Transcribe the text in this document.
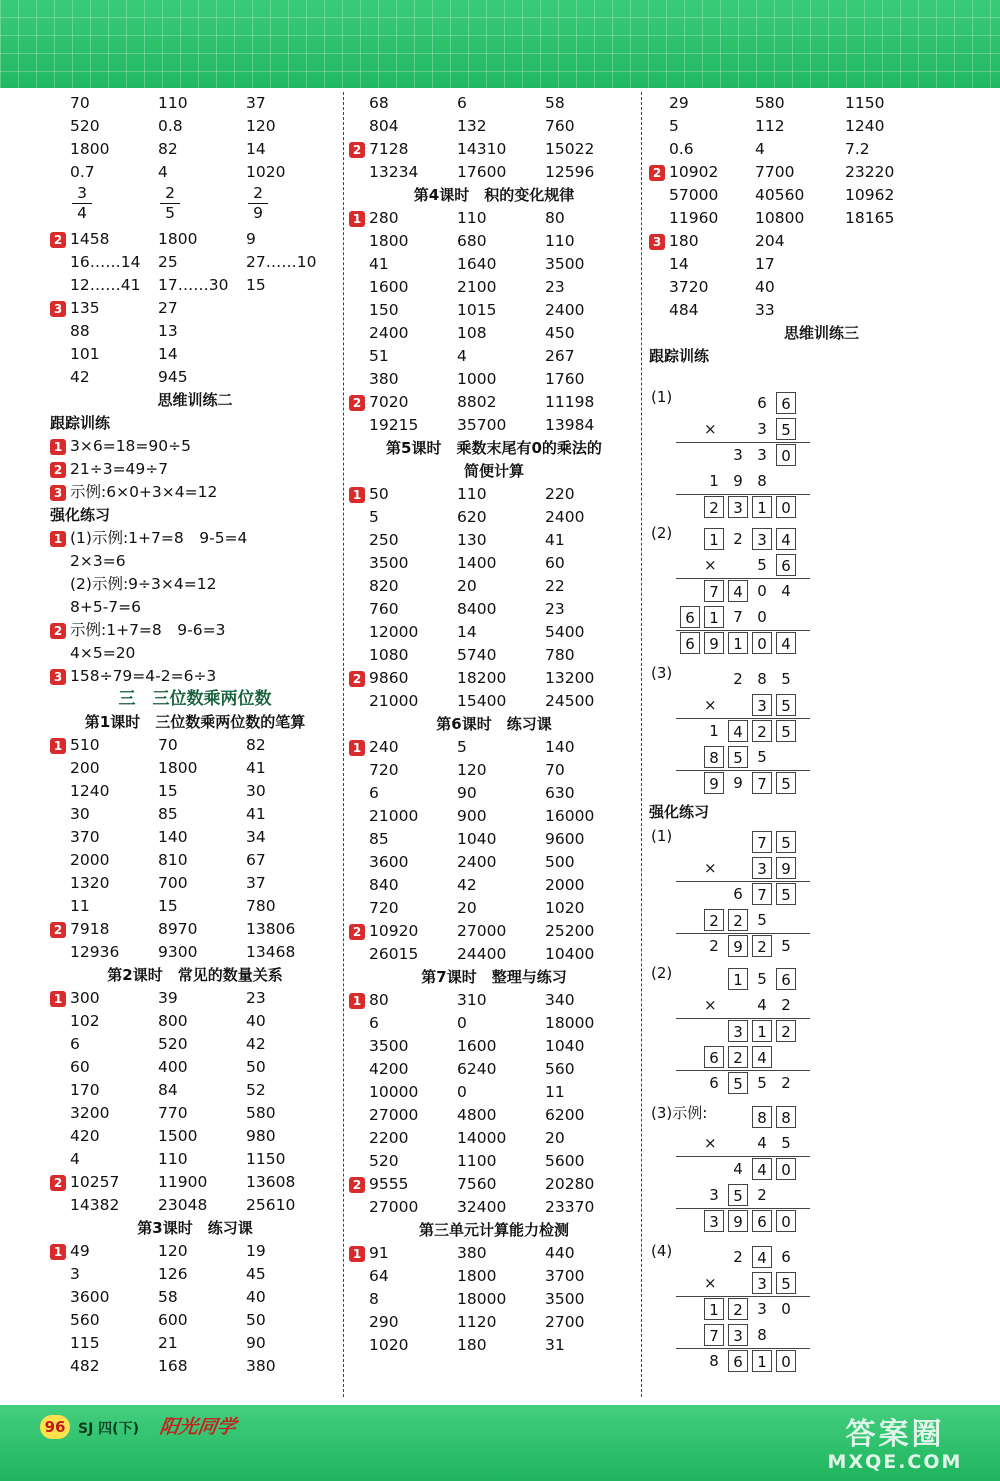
70	110	37
520	0.8	120
1800	82	14
0.7	4	1020
$\frac{3}{4}$	$\frac{2}{5}$	$\frac{2}{9}$
2 1458	1800	9
16……14 25	27……10
12……41 17……30 15
3 135	27
88	13
101	14
42	945
思维训练二
跟踪训练
1 3×6=18=90÷5
2 21÷3=49÷7
3 示例:6×0+3×4=12
强化练习
1 (1)示例:1+7=8　9-5=4
2×3=6
(2)示例:9÷3×4=12
8+5-7=6
2 示例:1+7=8　9-6=3
4×5=20
3 158÷79=4-2=6÷3
三　三位数乘两位数
第1课时　三位数乘两位数的笔算
1 510	70	82
200	1800	41
1240	15	30
30	85	41
370	140	34
2000	810	67
1320	700	37
11	15	780
2 7918	8970	13806
12936 9300	13468
第2课时　常见的数量关系
1 300	39	23
102	800	40
6	520	42
60	400	50
170	84	52
3200	770	580
420	1500	980
4	110	1150
2 10257 11900 13608
14382 23048 25610
第3课时　练习课
1 49	120	19
3	126	45
3600	58	40
560	600	50
115	21	90
482	168	380
68	6	58
804	132	760
2 7128	14310 15022
13234 17600 12596
第4课时　积的变化规律
1 280	110	80
1800	680	110
41	1640	3500
1600	2100	23
150	1015	2400
2400	108	450
51	4	267
380	1000	1760
2 7020	8802	11198
19215 35700 13984
第5课时　乘数末尾有0的乘法的
简便计算
1 50	110	220
5	620	2400
250	130	41
3500	1400	60
820	20	22
760	8400	23
12000 14	5400
1080	5740	780
2 9860	18200 13200
21000 15400 24500
第6课时　练习课
1 240	5	140
720	120	70
6	90	630
21000 900	16000
85	1040	9600
3600	2400	500
840	42	2000
720	20	1020
2 10920 27000 25200
26015 24400 10400
第7课时　整理与练习
1 80	310	340
6	0	18000
3500	1600	1040
4200	6240	560
10000 0	11
27000 4800	6200
2200	14000 20
520	1100	5600
2 9555	7560	20280
27000 32400 23370
第三单元计算能力检测
1 91	380	440
64	1800	3700
8	18000 3500
290	1120	2700
1020	180	31
29	580	1150
5	112	1240
0.6	4	7.2
2 10902 7700	23220
57000 40560	10962
11960 10800	18165
3 180	204
14	17
3720	40
484	33
思维训练三
跟踪训练
强化练习
(1)	6 6
3 5
×
3 3 0
1 9 8
2 3 1 0
(2)	1 2 3 4
5 6
×
7 4 0 4
6 1 7 0
6 9 1 0 4
(3)	2 8 5
3 5
×
1 4 2 5
8 5 5
9 9 7 5
(1)	7 5
3 9
×
6 7 5
2 2 5
2 9 2 5
(2)	1 5 6
4 2
×
3 1 2
6 2 4
6 5 5 2
(3)示例:	8 8
4 5
×
4 4 0
3 5 2
3 9 6 0
(4)	2 4 6
3 5
×
1 2 3 0
7 3 8
8 6 1 0
96 SJ 四(下) 阳光同学	答案圈
MXQE.COM
